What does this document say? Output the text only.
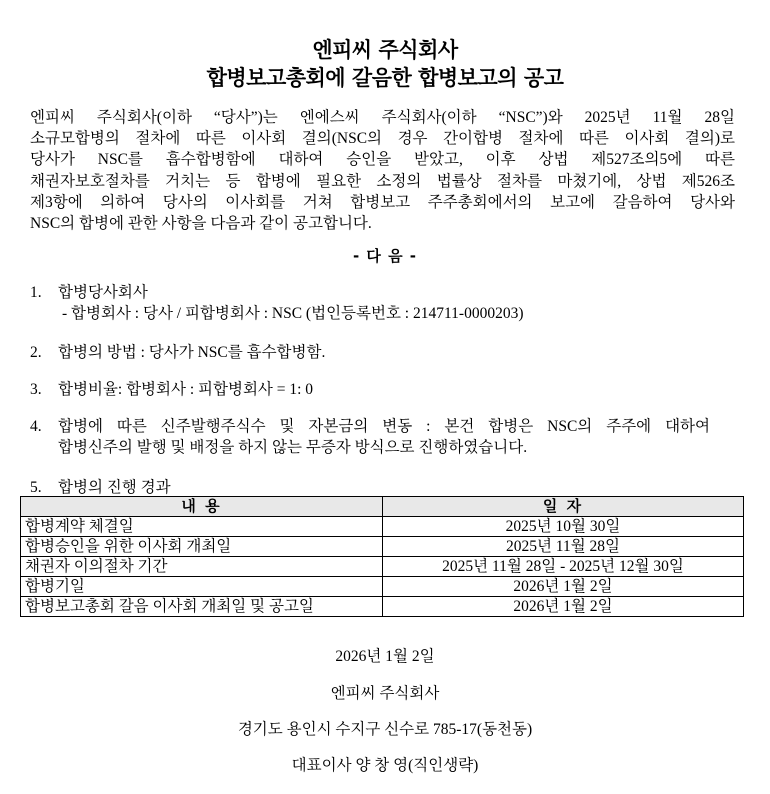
엔피씨 주식회사
합병보고총회에 갈음한 합병보고의 공고
엔피씨 주식회사(이하 “당사”)는 엔에스씨 주식회사(이하 “NSC”)와 2025년 11월 28일
소규모합병의 절차에 따른 이사회 결의(NSC의 경우 간이합병 절차에 따른 이사회 결의)로
당사가 NSC를 흡수합병함에 대하여 승인을 받았고, 이후 상법 제527조의5에 따른
채권자보호절차를 거치는 등 합병에 필요한 소정의 법률상 절차를 마쳤기에, 상법 제526조
제3항에 의하여 당사의 이사회를 거쳐 합병보고 주주총회에서의 보고에 갈음하여 당사와
NSC의 합병에 관한 사항을 다음과 같이 공고합니다.
- 다 음 -
1. 합병당사회사
- 합병회사 : 당사 / 피합병회사 : NSC (법인등록번호 : 214711-0000203)
2. 합병의 방법 : 당사가 NSC를 흡수합병함.
3. 합병비율: 합병회사 : 피합병회사 = 1: 0
4. 합병에 따른 신주발행주식수 및 자본금의 변동 : 본건 합병은 NSC의 주주에 대하여
합병신주의 발행 및 배정을 하지 않는 무증자 방식으로 진행하였습니다.
5. 합병의 진행 경과
내 용	일 자
합병계약 체결일	2025년 10월 30일
합병승인을 위한 이사회 개최일	2025년 11월 28일
채권자 이의절차 기간	2025년 11월 28일 - 2025년 12월 30일
합병기일	2026년 1월 2일
합병보고총회 갈음 이사회 개최일 및 공고일	2026년 1월 2일
2026년 1월 2일
엔피씨 주식회사
경기도 용인시 수지구 신수로 785-17(동천동)
대표이사 양 창 영(직인생략)
